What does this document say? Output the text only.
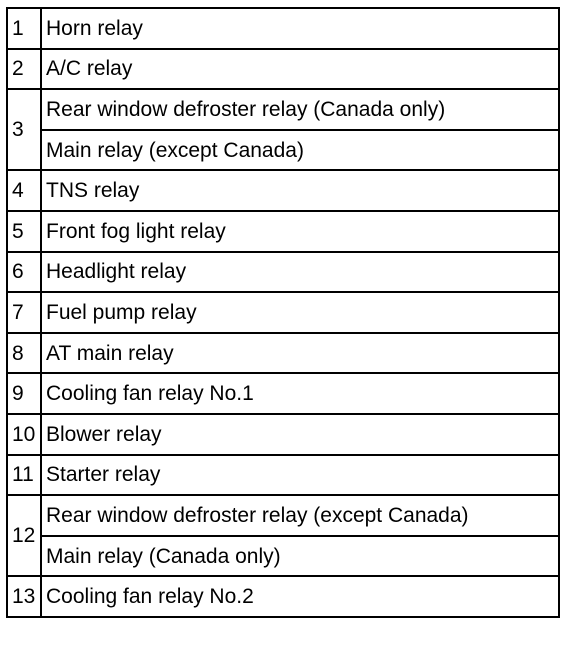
1	Horn relay
2	A/C relay
3	Rear window defroster relay (Canada only)
	Main relay (except Canada)
4	TNS relay
5	Front fog light relay
6	Headlight relay
7	Fuel pump relay
8	AT main relay
9	Cooling fan relay No.1
10	Blower relay
11	Starter relay
12	Rear window defroster relay (except Canada)
	Main relay (Canada only)
13	Cooling fan relay No.2
